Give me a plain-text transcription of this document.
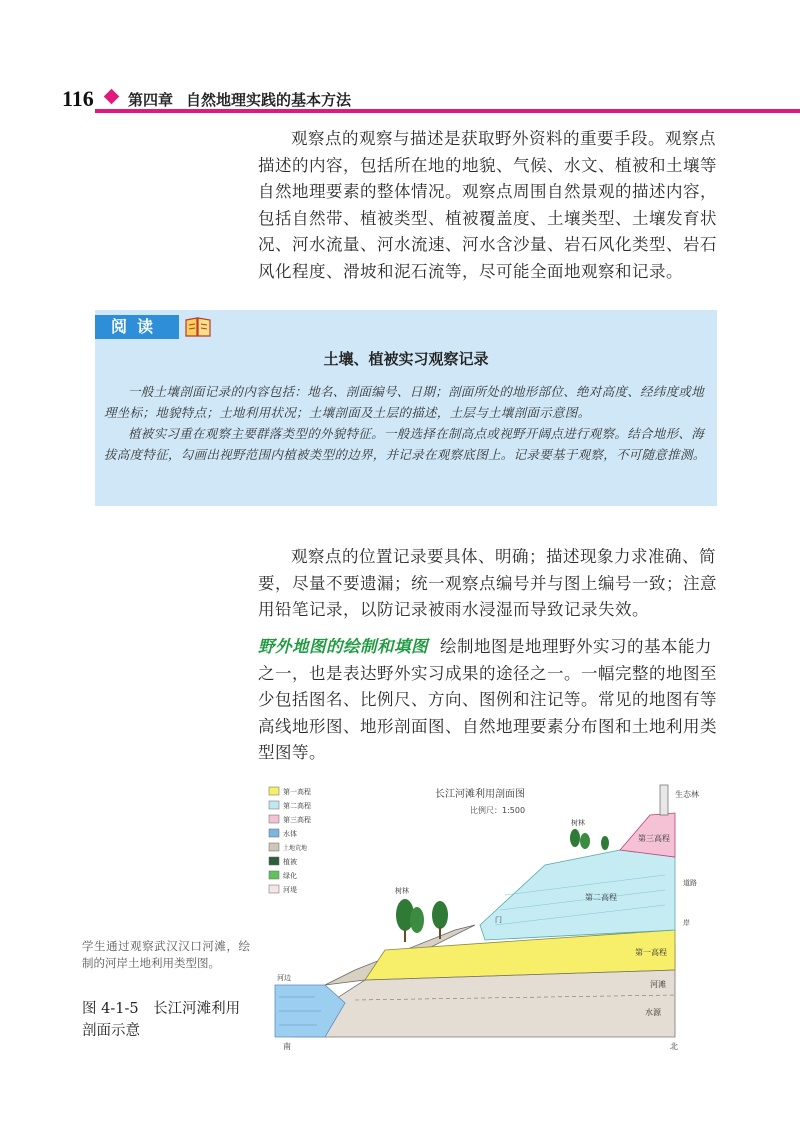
116 第四章 自然地理实践的基本方法
观察点的观察与描述是获取野外资料的重要手段。观察点描述的内容，包括所在地的地貌、气候、水文、植被和土壤等自然地理要素的整体情况。观察点周围自然景观的描述内容，包括自然带、植被类型、植被覆盖度、土壤类型、土壤发育状况、河水流量、河水流速、河水含沙量、岩石风化类型、岩石风化程度、滑坡和泥石流等，尽可能全面地观察和记录。
阅读
土壤、植被实习观察记录
一般土壤剖面记录的内容包括：地名、剖面编号、日期；剖面所处的地形部位、绝对高度、经纬度或地理坐标；地貌特点；土地利用状况；土壤剖面及土层的描述，土层与土壤剖面示意图。
植被实习重在观察主要群落类型的外貌特征。一般选择在制高点或视野开阔点进行观察。结合地形、海拔高度特征，勾画出视野范围内植被类型的边界，并记录在观察底图上。记录要基于观察，不可随意推测。
观察点的位置记录要具体、明确；描述现象力求准确、简要，尽量不要遗漏；统一观察点编号并与图上编号一致；注意用铅笔记录，以防记录被雨水浸湿而导致记录失效。
野外地图的绘制和填图 绘制地图是地理野外实习的基本能力之一，也是表达野外实习成果的途径之一。一幅完整的地图至少包括图名、比例尺、方向、图例和注记等。常见的地图有等高线地形图、地形剖面图、自然地理要素分布图和土地利用类型图等。
长江河滩利用剖面图
比例尺：1:500
第一高程
第二高程
第三高程
水体
土地荒地
植被
绿化
河堤
生态林
第三高程
第二高程
第一高程
河滩
水源
河边
树林
树林
道路
门	岸
南	北
学生通过观察武汉汉口河滩，绘制的河岸土地利用类型图。
图 4-1-5　长江河滩利用剖面示意
